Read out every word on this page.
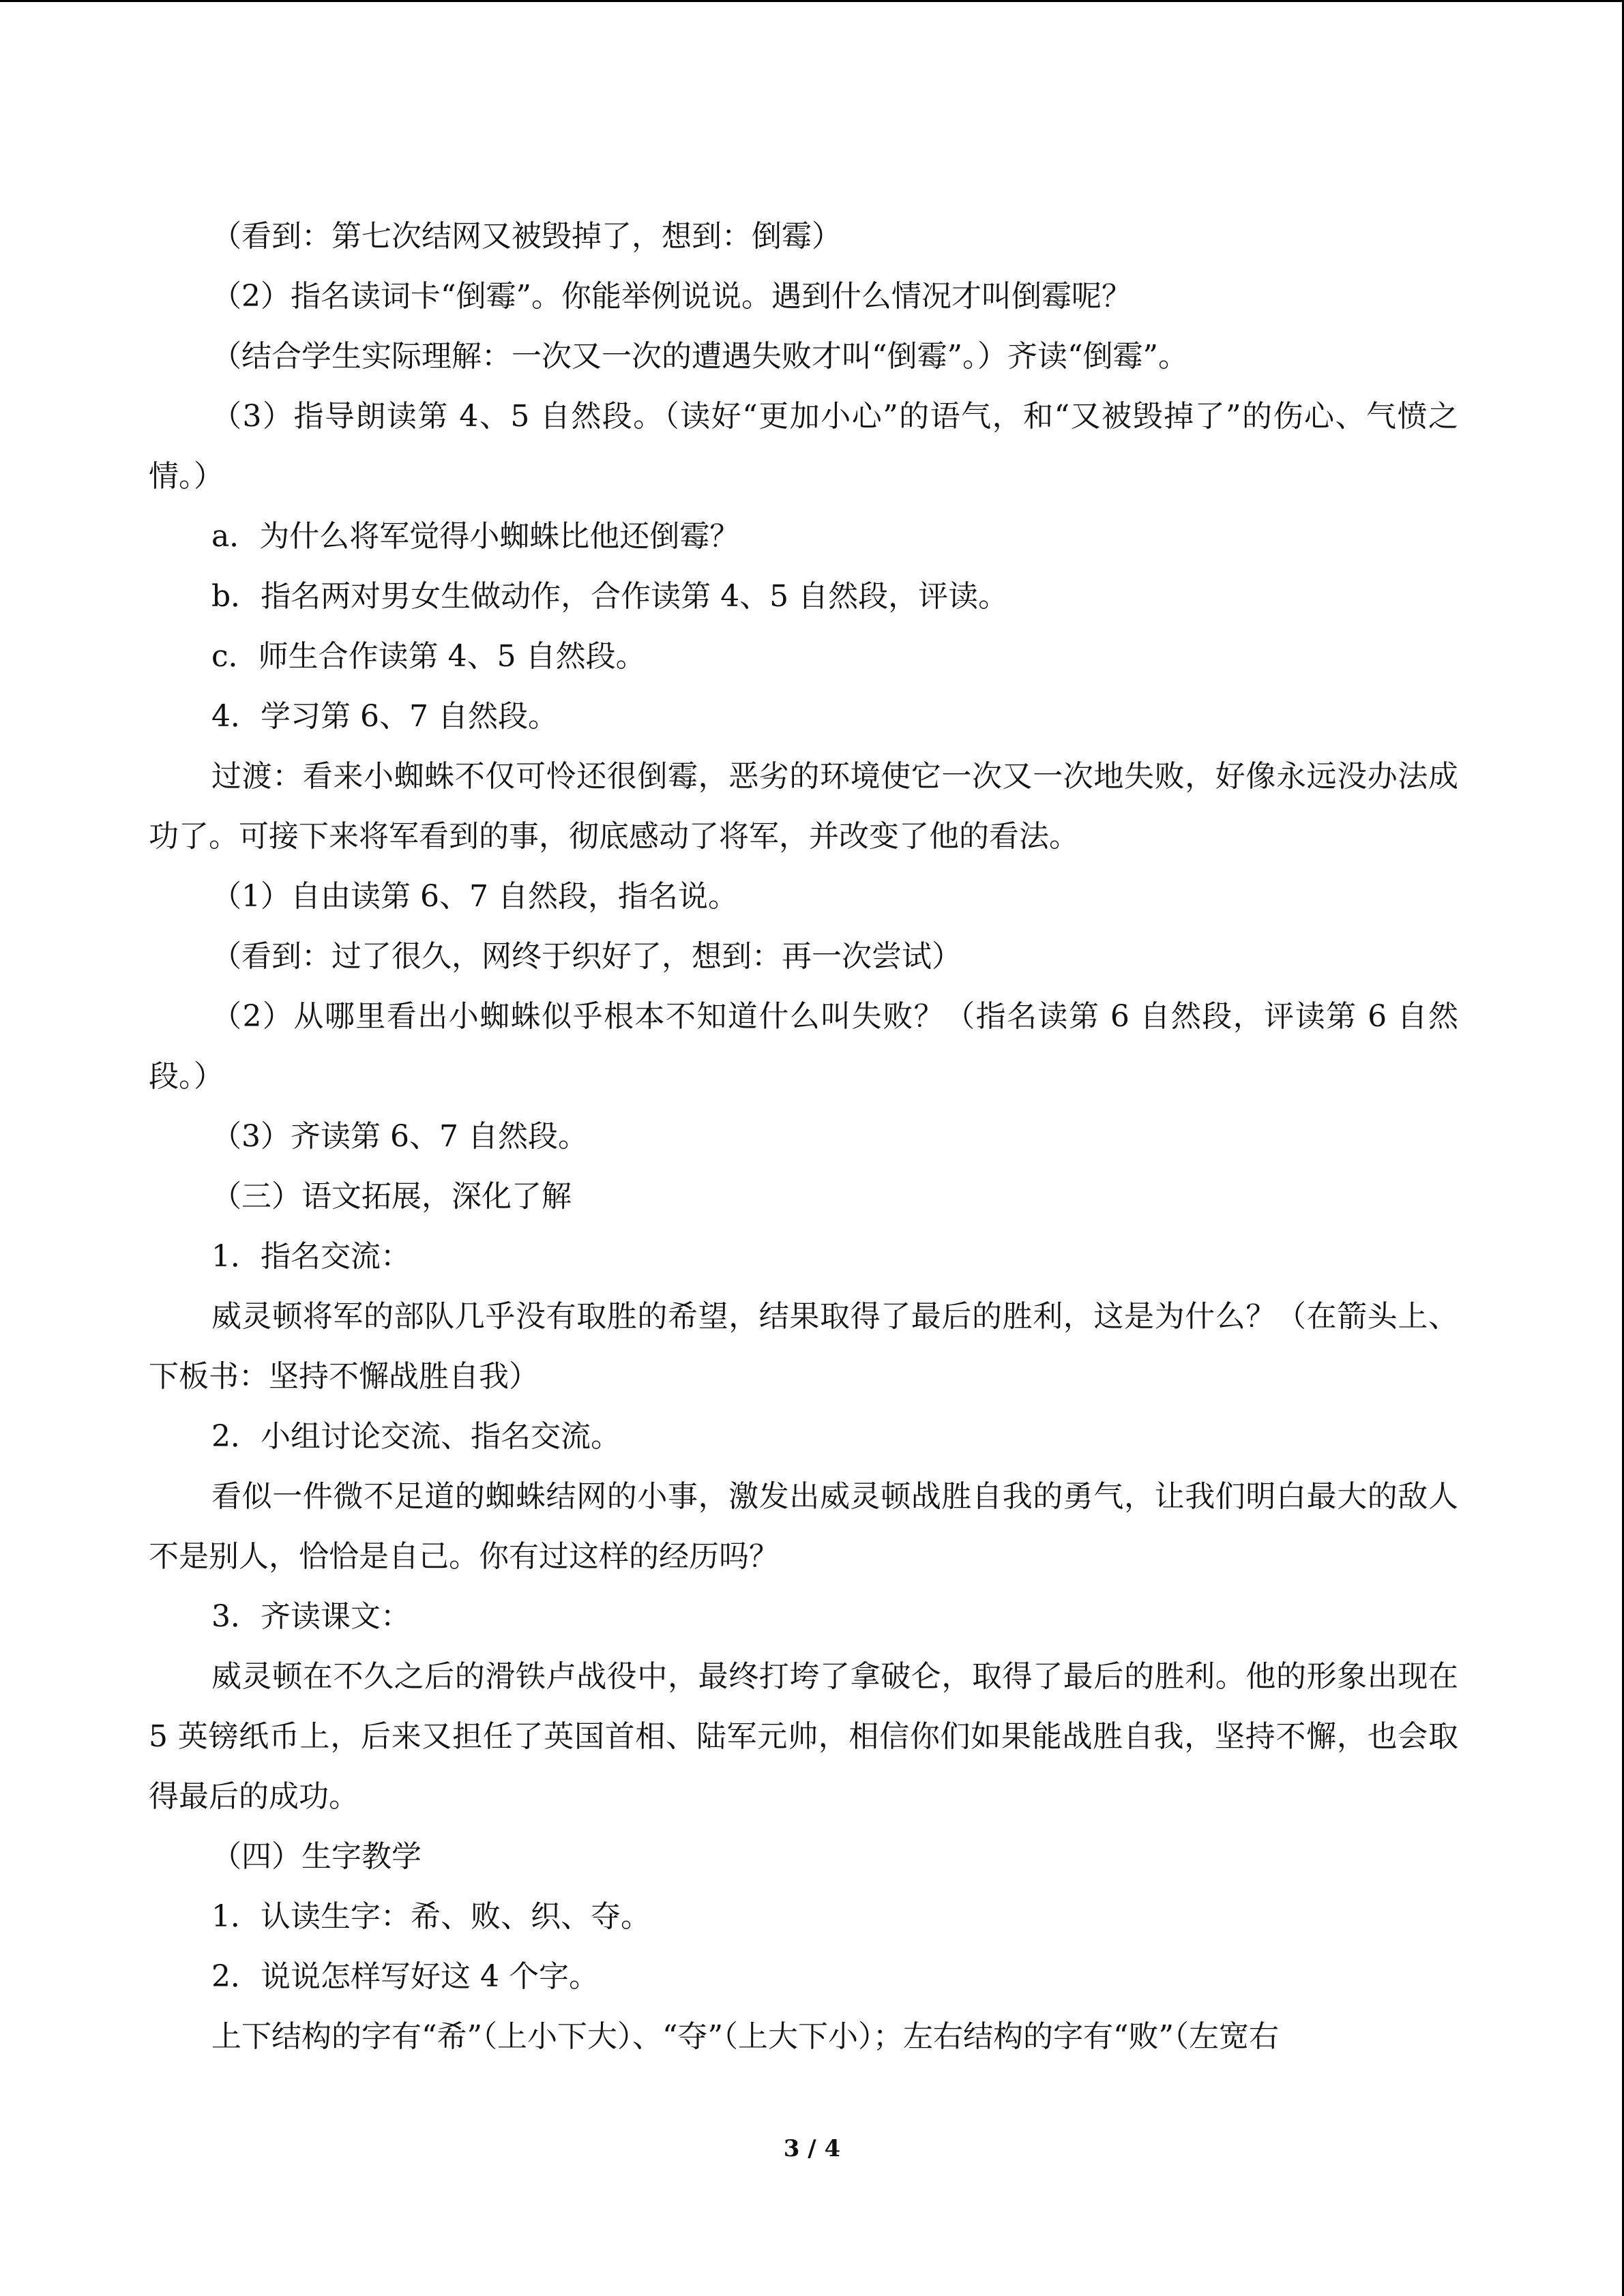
（看到：第七次结网又被毁掉了，想到：倒霉）

（2）指名读词卡“倒霉”。你能举例说说。遇到什么情况才叫倒霉呢？

（结合学生实际理解：一次又一次的遭遇失败才叫“倒霉”。）齐读“倒霉”。

（3）指导朗读第 4、5 自然段。（读好“更加小心”的语气，和“又被毁掉了”的伤心、气愤之情。）

a．为什么将军觉得小蜘蛛比他还倒霉？

b．指名两对男女生做动作，合作读第 4、5 自然段，评读。

c．师生合作读第 4、5 自然段。

4．学习第 6、7 自然段。

过渡：看来小蜘蛛不仅可怜还很倒霉，恶劣的环境使它一次又一次地失败，好像永远没办法成功了。可接下来将军看到的事，彻底感动了将军，并改变了他的看法。

（1）自由读第 6、7 自然段，指名说。

（看到：过了很久，网终于织好了，想到：再一次尝试）

（2）从哪里看出小蜘蛛似乎根本不知道什么叫失败？（指名读第 6 自然段，评读第 6 自然段。）

（3）齐读第 6、7 自然段。

（三）语文拓展，深化了解

1．指名交流：

威灵顿将军的部队几乎没有取胜的希望，结果取得了最后的胜利，这是为什么？（在箭头上、下板书：坚持不懈战胜自我）

2．小组讨论交流、指名交流。

看似一件微不足道的蜘蛛结网的小事，激发出威灵顿战胜自我的勇气，让我们明白最大的敌人不是别人，恰恰是自己。你有过这样的经历吗？

3．齐读课文：

威灵顿在不久之后的滑铁卢战役中，最终打垮了拿破仑，取得了最后的胜利。他的形象出现在 5 英镑纸币上，后来又担任了英国首相、陆军元帅，相信你们如果能战胜自我，坚持不懈，也会取得最后的成功。

（四）生字教学

1．认读生字：希、败、织、夺。

2．说说怎样写好这 4 个字。

上下结构的字有“希”（上小下大）、“夺”（上大下小）；左右结构的字有“败”（左宽右

3 / 4
